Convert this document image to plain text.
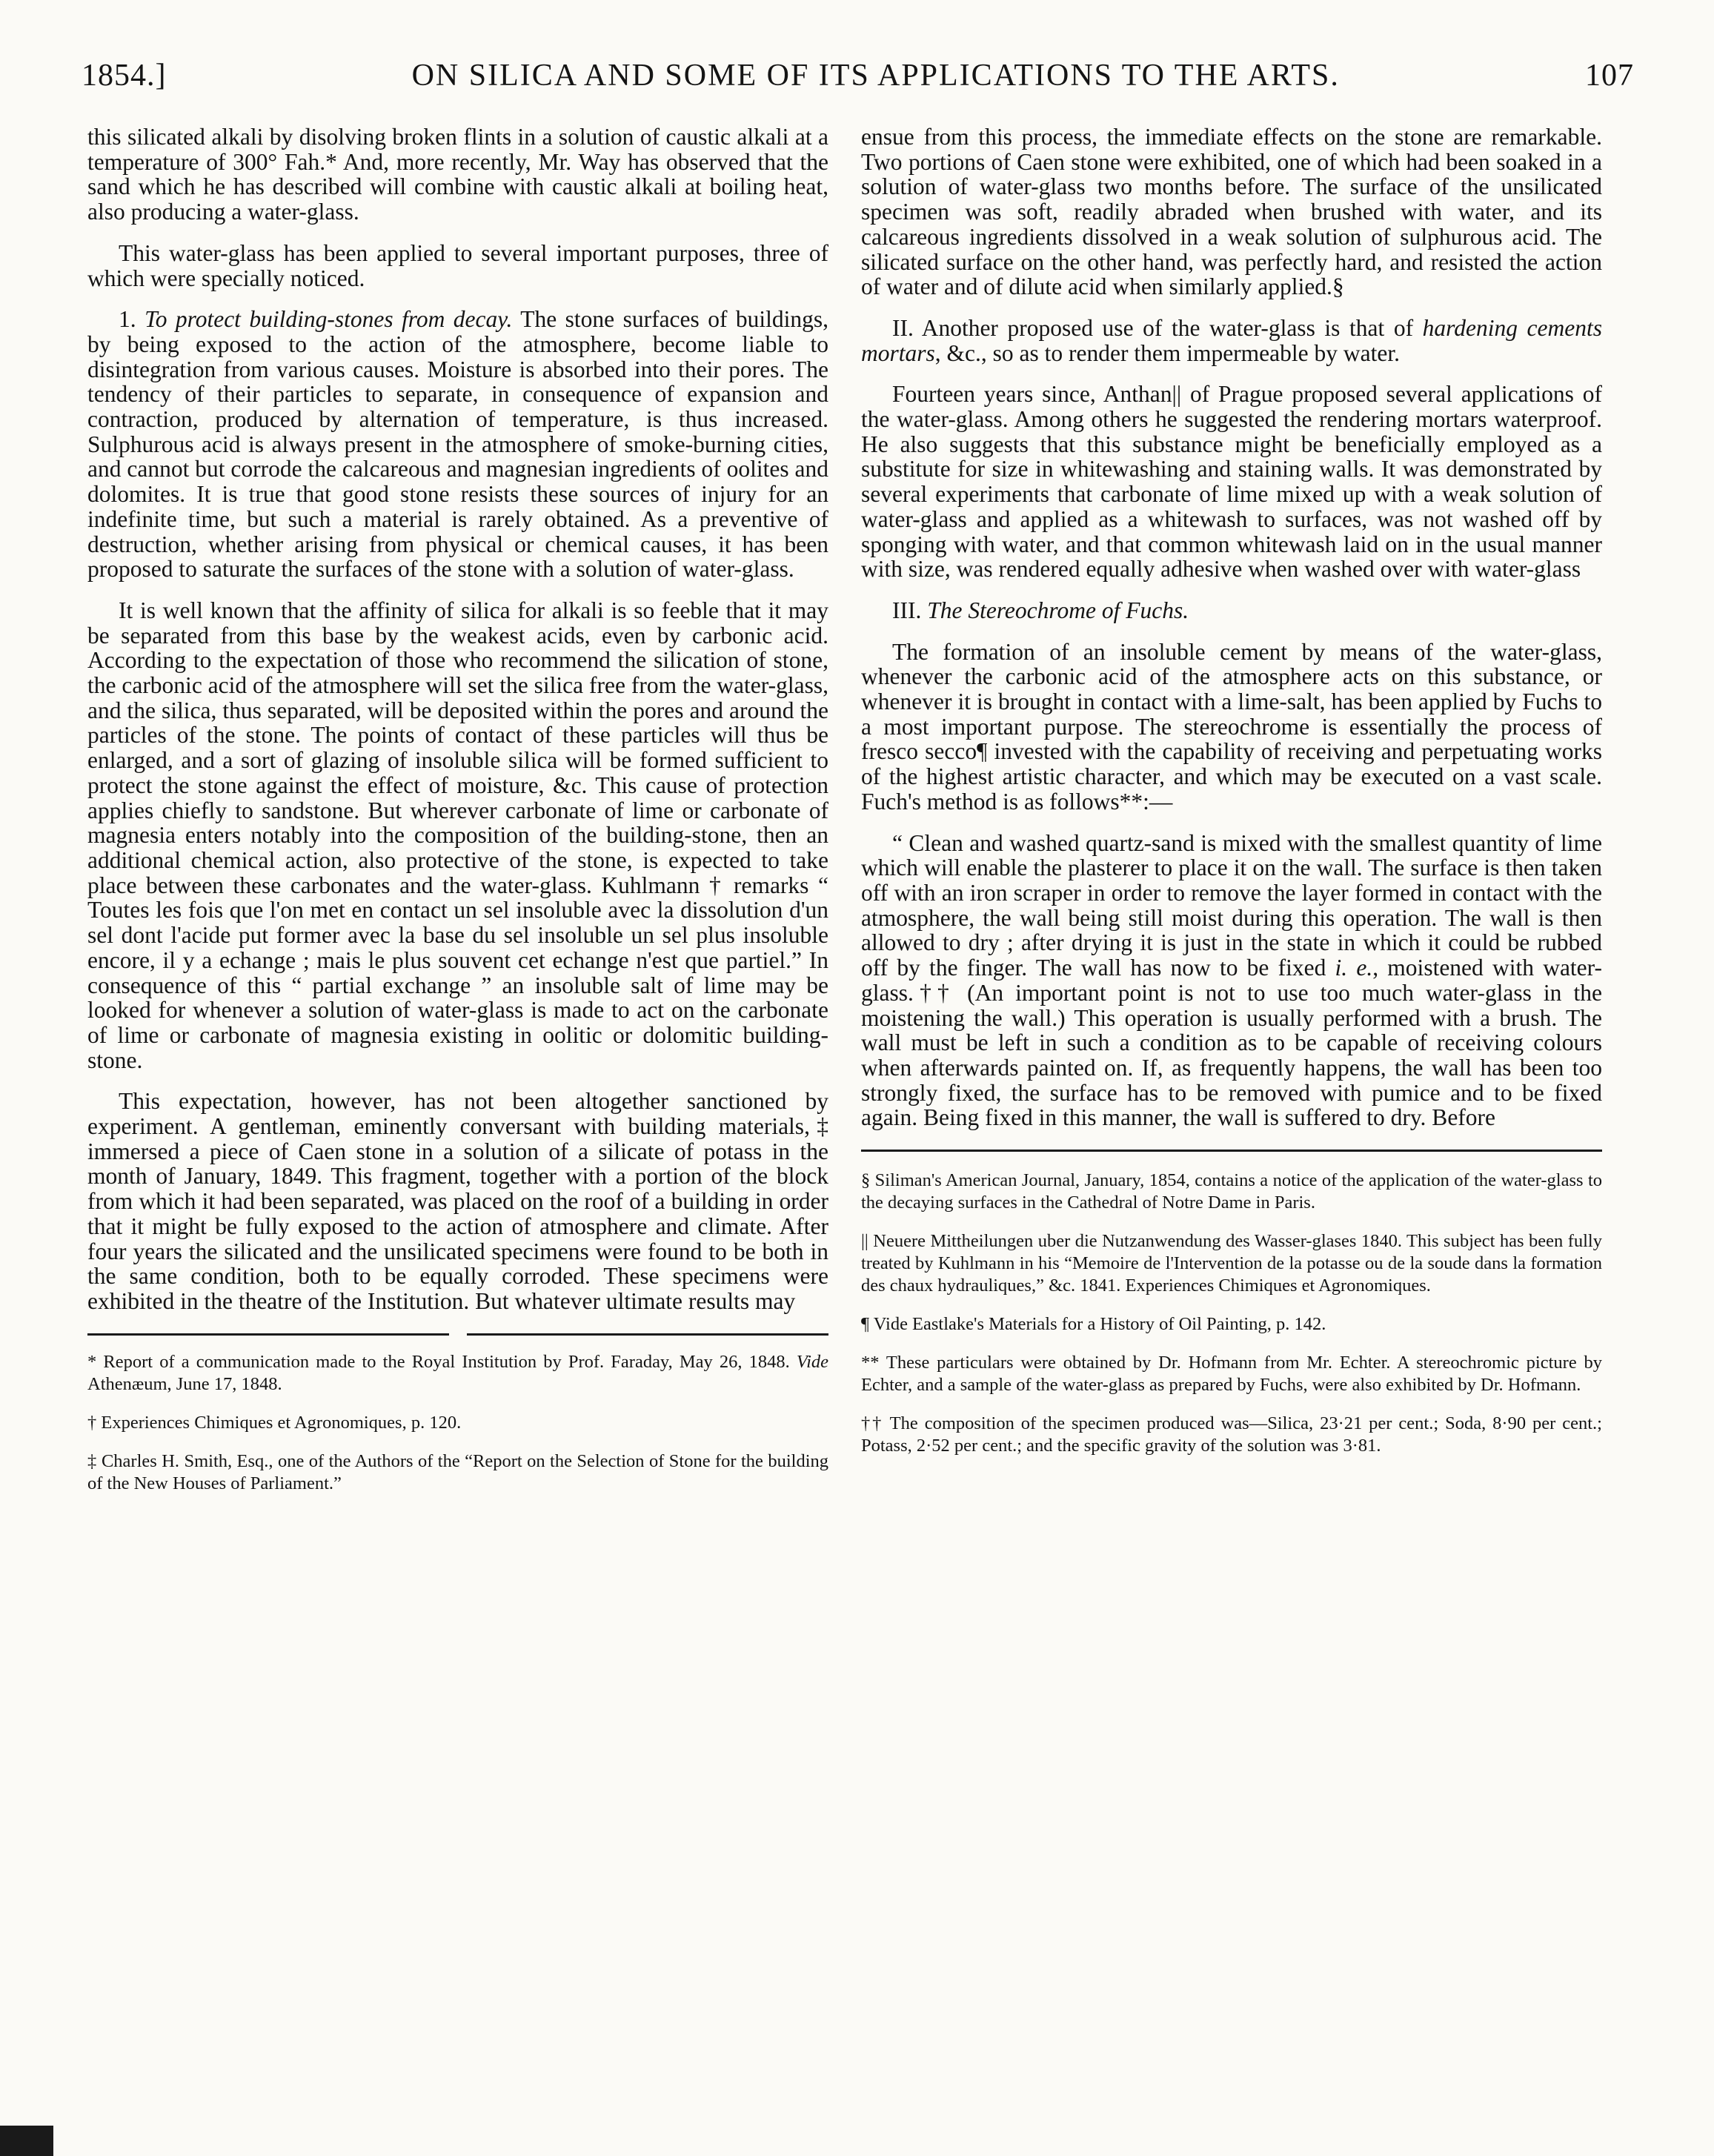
1854.]	ON SILICA AND SOME OF ITS APPLICATIONS TO THE ARTS.	107

this silicated alkali by disolving broken flints in a solution of caustic alkali at a temperature of 300° Fah.* And, more recently, Mr. Way has observed that the sand which he has described will combine with caustic alkali at boiling heat, also producing a water-glass.

This water-glass has been applied to several important purposes, three of which were specially noticed.

1. To protect building-stones from decay. The stone surfaces of buildings, by being exposed to the action of the atmosphere, become liable to disintegration from various causes. Moisture is absorbed into their pores. The tendency of their particles to separate, in consequence of expansion and contraction, produced by alternation of temperature, is thus increased. Sulphurous acid is always present in the atmosphere of smoke-burning cities, and cannot but corrode the calcareous and magnesian ingredients of oolites and dolomites. It is true that good stone resists these sources of injury for an indefinite time, but such a material is rarely obtained. As a preventive of destruction, whether arising from physical or chemical causes, it has been proposed to saturate the surfaces of the stone with a solution of water-glass.

It is well known that the affinity of silica for alkali is so feeble that it may be separated from this base by the weakest acids, even by carbonic acid. According to the expectation of those who recommend the silication of stone, the carbonic acid of the atmosphere will set the silica free from the water-glass, and the silica, thus separated, will be deposited within the pores and around the particles of the stone. The points of contact of these particles will thus be enlarged, and a sort of glazing of insoluble silica will be formed sufficient to protect the stone against the effect of moisture, &c. This cause of protection applies chiefly to sandstone. But wherever carbonate of lime or carbonate of magnesia enters notably into the composition of the building-stone, then an additional chemical action, also protective of the stone, is expected to take place between these carbonates and the water-glass. Kuhlmann † remarks “ Toutes les fois que l'on met en contact un sel insoluble avec la dissolution d'un sel dont l'acide put former avec la base du sel insoluble un sel plus insoluble encore, il y a echange ; mais le plus souvent cet echange n'est que partiel.” In consequence of this “ partial exchange ” an insoluble salt of lime may be looked for whenever a solution of water-glass is made to act on the carbonate of lime or carbonate of magnesia existing in oolitic or dolomitic building-stone.

This expectation, however, has not been altogether sanctioned by experiment. A gentleman, eminently conversant with building materials,‡ immersed a piece of Caen stone in a solution of a silicate of potass in the month of January, 1849. This fragment, together with a portion of the block from which it had been separated, was placed on the roof of a building in order that it might be fully exposed to the action of atmosphere and climate. After four years the silicated and the unsilicated specimens were found to be both in the same condition, both to be equally corroded. These specimens were exhibited in the theatre of the Institution. But whatever ultimate results may

* Report of a communication made to the Royal Institution by Prof. Faraday, May 26, 1848. Vide Athenæum, June 17, 1848.

† Experiences Chimiques et Agronomiques, p. 120.

‡ Charles H. Smith, Esq., one of the Authors of the “Report on the Selection of Stone for the building of the New Houses of Parliament.”

ensue from this process, the immediate effects on the stone are remarkable. Two portions of Caen stone were exhibited, one of which had been soaked in a solution of water-glass two months before. The surface of the unsilicated specimen was soft, readily abraded when brushed with water, and its calcareous ingredients dissolved in a weak solution of sulphurous acid. The silicated surface on the other hand, was perfectly hard, and resisted the action of water and of dilute acid when similarly applied.§

II. Another proposed use of the water-glass is that of hardening cements mortars, &c., so as to render them impermeable by water.

Fourteen years since, Anthan|| of Prague proposed several applications of the water-glass. Among others he suggested the rendering mortars waterproof. He also suggests that this substance might be beneficially employed as a substitute for size in whitewashing and staining walls. It was demonstrated by several experiments that carbonate of lime mixed up with a weak solution of water-glass and applied as a whitewash to surfaces, was not washed off by sponging with water, and that common whitewash laid on in the usual manner with size, was rendered equally adhesive when washed over with water-glass

III. The Stereochrome of Fuchs.

The formation of an insoluble cement by means of the water-glass, whenever the carbonic acid of the atmosphere acts on this substance, or whenever it is brought in contact with a lime-salt, has been applied by Fuchs to a most important purpose. The stereochrome is essentially the process of fresco secco¶ invested with the capability of receiving and perpetuating works of the highest artistic character, and which may be executed on a vast scale. Fuch's method is as follows**:—

“ Clean and washed quartz-sand is mixed with the smallest quantity of lime which will enable the plasterer to place it on the wall. The surface is then taken off with an iron scraper in order to remove the layer formed in contact with the atmosphere, the wall being still moist during this operation. The wall is then allowed to dry ; after drying it is just in the state in which it could be rubbed off by the finger. The wall has now to be fixed i. e., moistened with water-glass.†† (An important point is not to use too much water-glass in the moistening the wall.) This operation is usually performed with a brush. The wall must be left in such a condition as to be capable of receiving colours when afterwards painted on. If, as frequently happens, the wall has been too strongly fixed, the surface has to be removed with pumice and to be fixed again. Being fixed in this manner, the wall is suffered to dry. Before

§ Siliman's American Journal, January, 1854, contains a notice of the application of the water-glass to the decaying surfaces in the Cathedral of Notre Dame in Paris.

|| Neuere Mittheilungen uber die Nutzanwendung des Wasser-glases 1840. This subject has been fully treated by Kuhlmann in his “Memoire de l'Intervention de la potasse ou de la soude dans la formation des chaux hydrauliques,” &c. 1841. Experiences Chimiques et Agronomiques.

¶ Vide Eastlake's Materials for a History of Oil Painting, p. 142.

** These particulars were obtained by Dr. Hofmann from Mr. Echter. A stereochromic picture by Echter, and a sample of the water-glass as prepared by Fuchs, were also exhibited by Dr. Hofmann.

†† The composition of the specimen produced was—Silica, 23·21 per cent.; Soda, 8·90 per cent.; Potass, 2·52 per cent.; and the specific gravity of the solution was 3·81.
